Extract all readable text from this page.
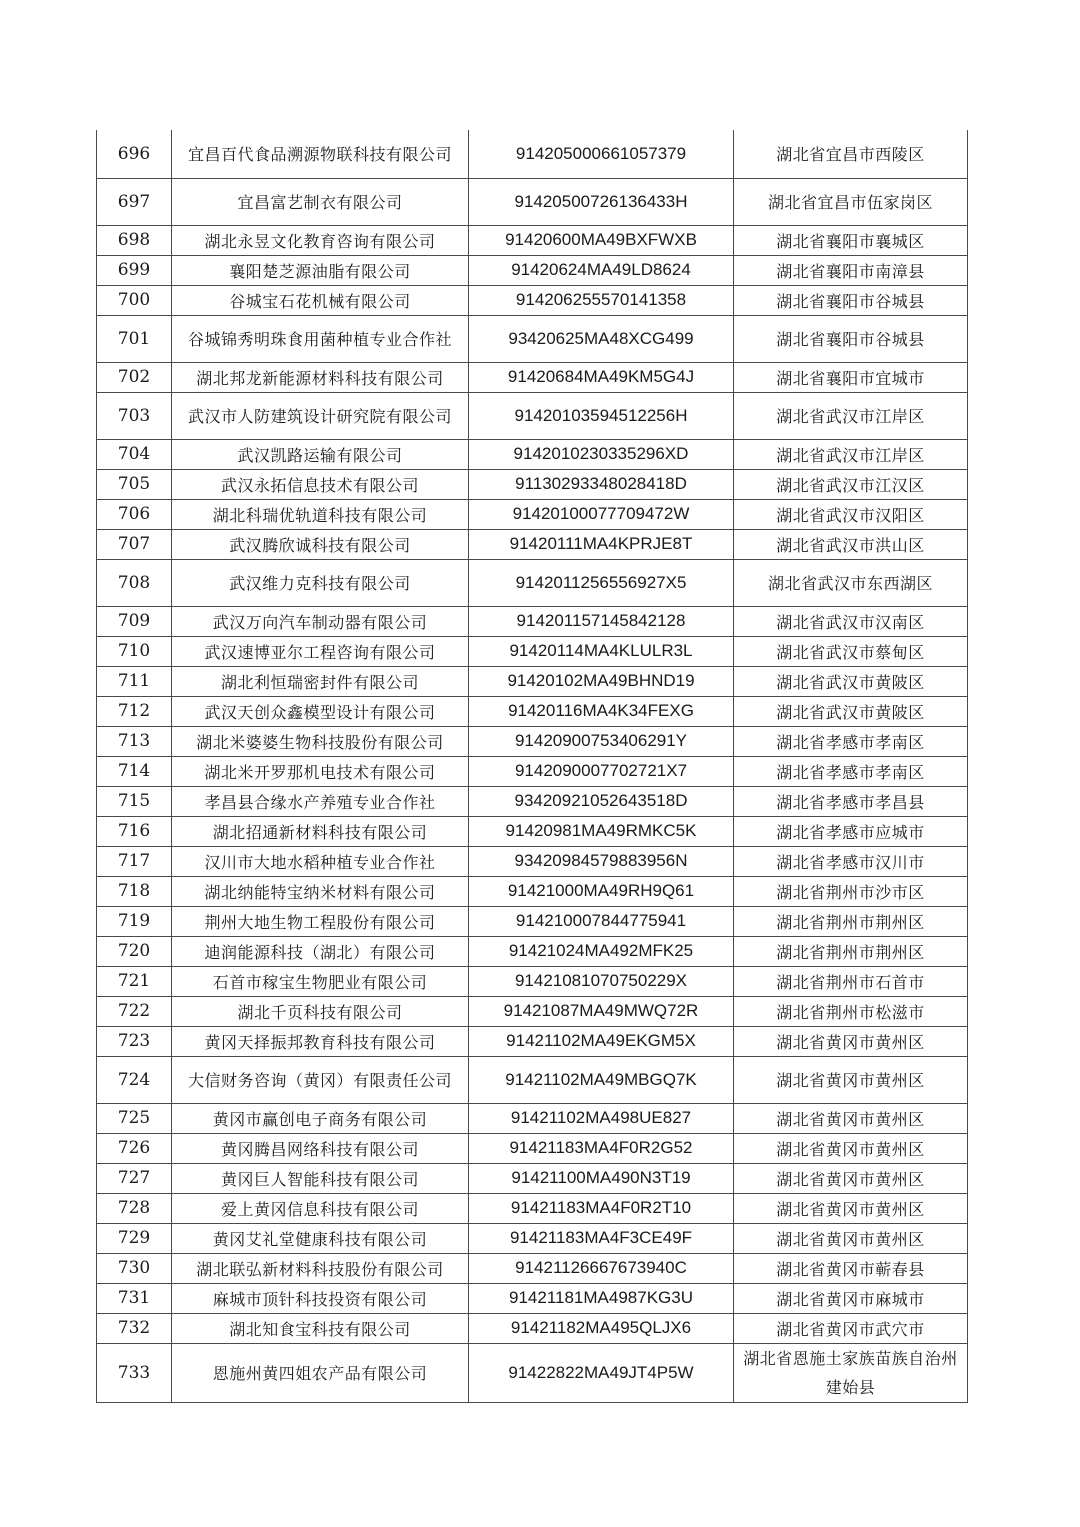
696	宜昌百代食品溯源物联科技有限公司	914205000661057379	湖北省宜昌市西陵区
697	宜昌富艺制衣有限公司	91420500726136433H	湖北省宜昌市伍家岗区
698	湖北永昱文化教育咨询有限公司	91420600MA49BXFWXB	湖北省襄阳市襄城区
699	襄阳楚芝源油脂有限公司	91420624MA49LD8624	湖北省襄阳市南漳县
700	谷城宝石花机械有限公司	914206255570141358	湖北省襄阳市谷城县
701	谷城锦秀明珠食用菌种植专业合作社	93420625MA48XCG499	湖北省襄阳市谷城县
702	湖北邦龙新能源材料科技有限公司	91420684MA49KM5G4J	湖北省襄阳市宜城市
703	武汉市人防建筑设计研究院有限公司	91420103594512256H	湖北省武汉市江岸区
704	武汉凯路运输有限公司	9142010230335296XD	湖北省武汉市江岸区
705	武汉永拓信息技术有限公司	91130293348028418D	湖北省武汉市江汉区
706	湖北科瑞优轨道科技有限公司	91420100077709472W	湖北省武汉市汉阳区
707	武汉腾欣诚科技有限公司	91420111MA4KPRJE8T	湖北省武汉市洪山区
708	武汉维力克科技有限公司	9142011256556927X5	湖北省武汉市东西湖区
709	武汉万向汽车制动器有限公司	914201157145842128	湖北省武汉市汉南区
710	武汉速博亚尔工程咨询有限公司	91420114MA4KLULR3L	湖北省武汉市蔡甸区
711	湖北利恒瑞密封件有限公司	91420102MA49BHND19	湖北省武汉市黄陂区
712	武汉天创众鑫模型设计有限公司	91420116MA4K34FEXG	湖北省武汉市黄陂区
713	湖北米婆婆生物科技股份有限公司	91420900753406291Y	湖北省孝感市孝南区
714	湖北米开罗那机电技术有限公司	9142090007702721X7	湖北省孝感市孝南区
715	孝昌县合缘水产养殖专业合作社	93420921052643518D	湖北省孝感市孝昌县
716	湖北招通新材料科技有限公司	91420981MA49RMKC5K	湖北省孝感市应城市
717	汉川市大地水稻种植专业合作社	93420984579883956N	湖北省孝感市汉川市
718	湖北纳能特宝纳米材料有限公司	91421000MA49RH9Q61	湖北省荆州市沙市区
719	荆州大地生物工程股份有限公司	914210007844775941	湖北省荆州市荆州区
720	迪润能源科技（湖北）有限公司	91421024MA492MFK25	湖北省荆州市荆州区
721	石首市稼宝生物肥业有限公司	91421081070750229X	湖北省荆州市石首市
722	湖北千页科技有限公司	91421087MA49MWQ72R	湖北省荆州市松滋市
723	黄冈天择振邦教育科技有限公司	91421102MA49EKGM5X	湖北省黄冈市黄州区
724	大信财务咨询（黄冈）有限责任公司	91421102MA49MBGQ7K	湖北省黄冈市黄州区
725	黄冈市赢创电子商务有限公司	91421102MA498UE827	湖北省黄冈市黄州区
726	黄冈腾昌网络科技有限公司	91421183MA4F0R2G52	湖北省黄冈市黄州区
727	黄冈巨人智能科技有限公司	91421100MA490N3T19	湖北省黄冈市黄州区
728	爱上黄冈信息科技有限公司	91421183MA4F0R2T10	湖北省黄冈市黄州区
729	黄冈艾礼堂健康科技有限公司	91421183MA4F3CE49F	湖北省黄冈市黄州区
730	湖北联弘新材料科技股份有限公司	91421126667673940C	湖北省黄冈市蕲春县
731	麻城市顶针科技投资有限公司	91421181MA4987KG3U	湖北省黄冈市麻城市
732	湖北知食宝科技有限公司	91421182MA495QLJX6	湖北省黄冈市武穴市
733	恩施州黄四姐农产品有限公司	91422822MA49JT4P5W	湖北省恩施土家族苗族自治州建始县
